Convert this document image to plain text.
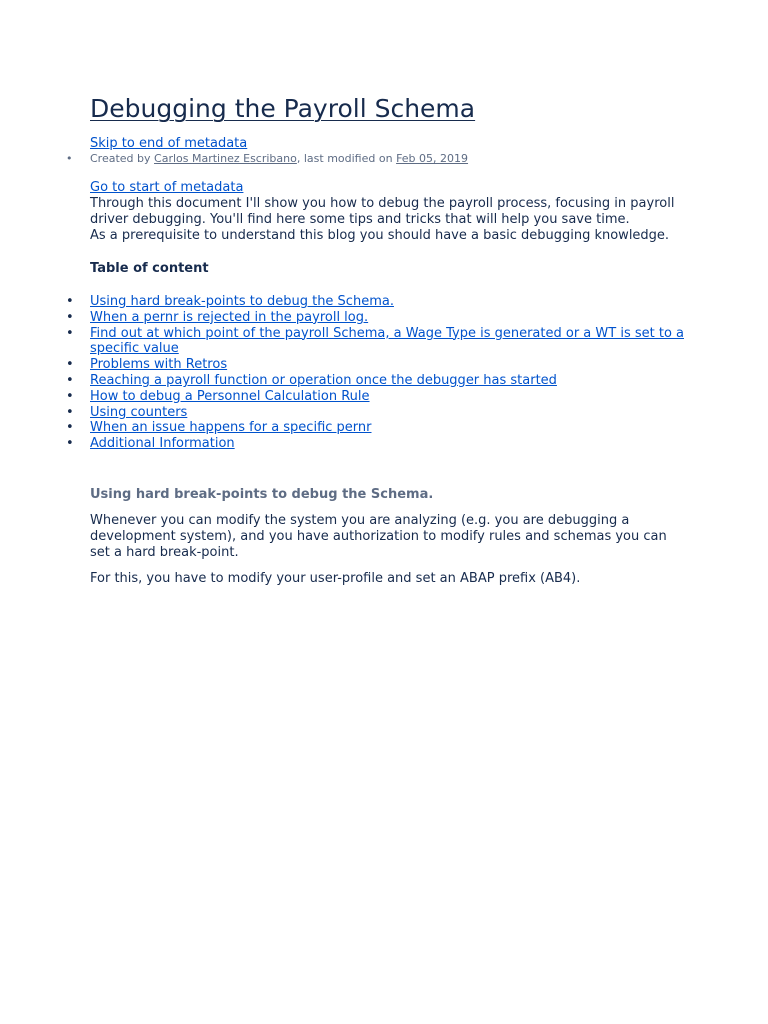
Debugging the Payroll Schema
Skip to end of metadata
• Created by Carlos Martinez Escribano, last modified on Feb 05, 2019
Go to start of metadata

Through this document I'll show you how to debug the payroll process, focusing in payroll driver debugging. You'll find here some tips and tricks that will help you save time.

As a prerequisite to understand this blog you should have a basic debugging knowledge.

Table of content

• Using hard break-points to debug the Schema.
• When a pernr is rejected in the payroll log.
• Find out at which point of the payroll Schema, a Wage Type is generated or a WT is set to a specific value
• Problems with Retros
• Reaching a payroll function or operation once the debugger has started
• How to debug a Personnel Calculation Rule
• Using counters
• When an issue happens for a specific pernr
• Additional Information
Using hard break-points to debug the Schema.

Whenever you can modify the system you are analyzing (e.g. you are debugging a development system), and you have authorization to modify rules and schemas you can set a hard break-point.

For this, you have to modify your user-profile and set an ABAP prefix (AB4).
